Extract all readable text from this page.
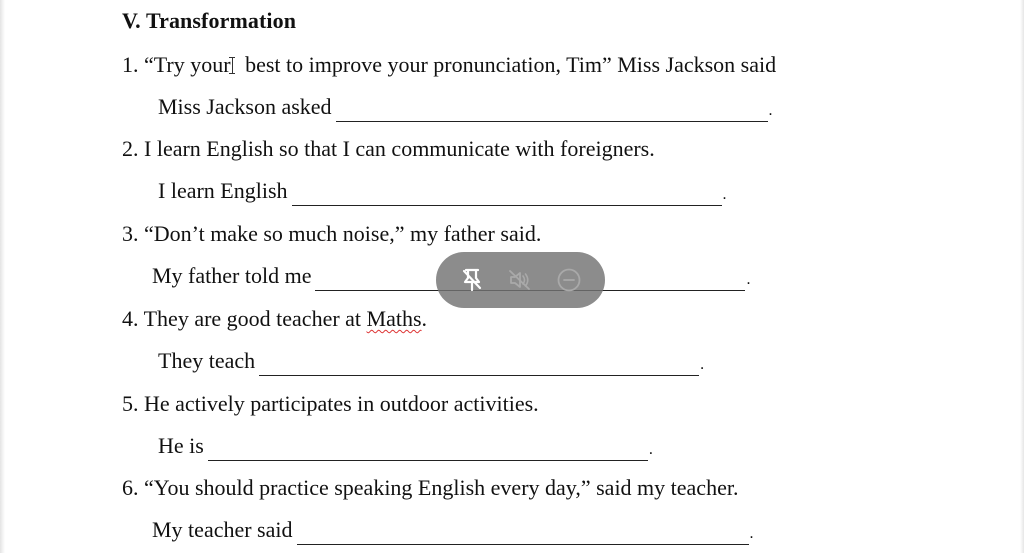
V. Transformation
1. “Try your best to improve your pronunciation, Tim” Miss Jackson said
Miss Jackson asked	.
2. I learn English so that I can communicate with foreigners.
I learn English	.
3. “Don’t make so much noise,” my father said.
My father told me	.
4. They are good teacher at Maths.
They teach	.
5. He actively participates in outdoor activities.
He is	.
6. “You should practice speaking English every day,” said my teacher.
My teacher said	.
